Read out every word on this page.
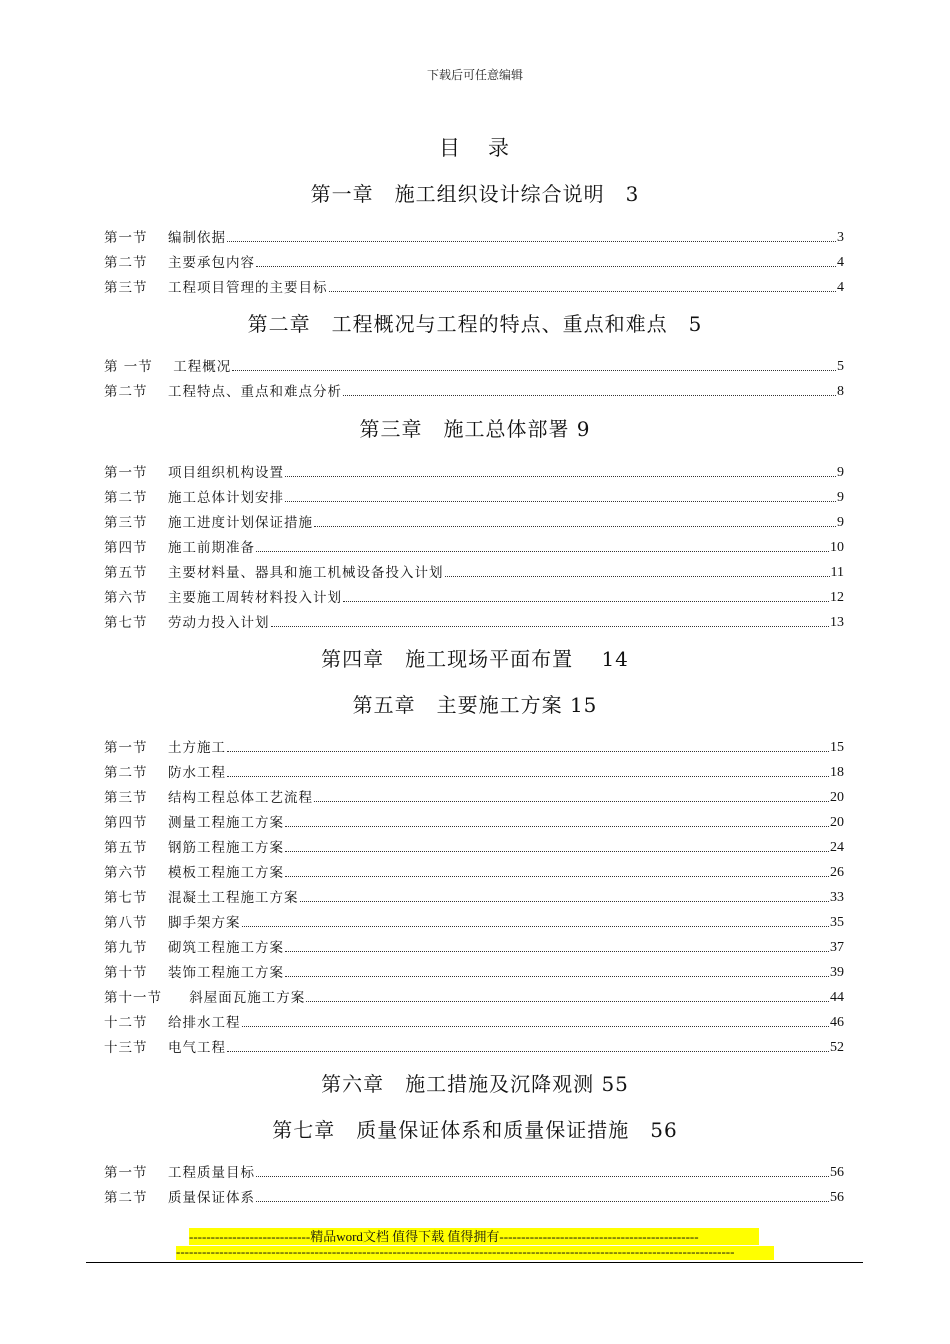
下载后可任意编辑
目 录
第一章　施工组织设计综合说明　3
第一节	编制依据	3
第二节	主要承包内容	4
第三节	工程项目管理的主要目标	4
第二章　工程概况与工程的特点、重点和难点　5
第 一节	工程概况	5
第二节	工程特点、重点和难点分析	8
第三章　施工总体部署 9
第一节	项目组织机构设置	9
第二节	施工总体计划安排	9
第三节	施工进度计划保证措施	9
第四节	施工前期准备	10
第五节	主要材料量、器具和施工机械设备投入计划	11
第六节	主要施工周转材料投入计划	12
第七节	劳动力投入计划	13
第四章　施工现场平面布置　 14
第五章　主要施工方案 15
第一节	土方施工	15
第二节	防水工程	18
第三节	结构工程总体工艺流程	20
第四节	测量工程施工方案	20
第五节	钢筋工程施工方案	24
第六节	模板工程施工方案	26
第七节	混凝土工程施工方案	33
第八节	脚手架方案	35
第九节	砌筑工程施工方案	37
第十节	装饰工程施工方案	39
第十一节	斜屋面瓦施工方案	44
十二节	给排水工程	46
十三节	电气工程	52
第六章　施工措施及沉降观测 55
第七章　质量保证体系和质量保证措施　56
第一节	工程质量目标	56
第二节	质量保证体系	56
----------------------------精品word文档 值得下载 值得拥有----------------------------------------------
---------------------------------------------------------------------------------------------------------------------------------
